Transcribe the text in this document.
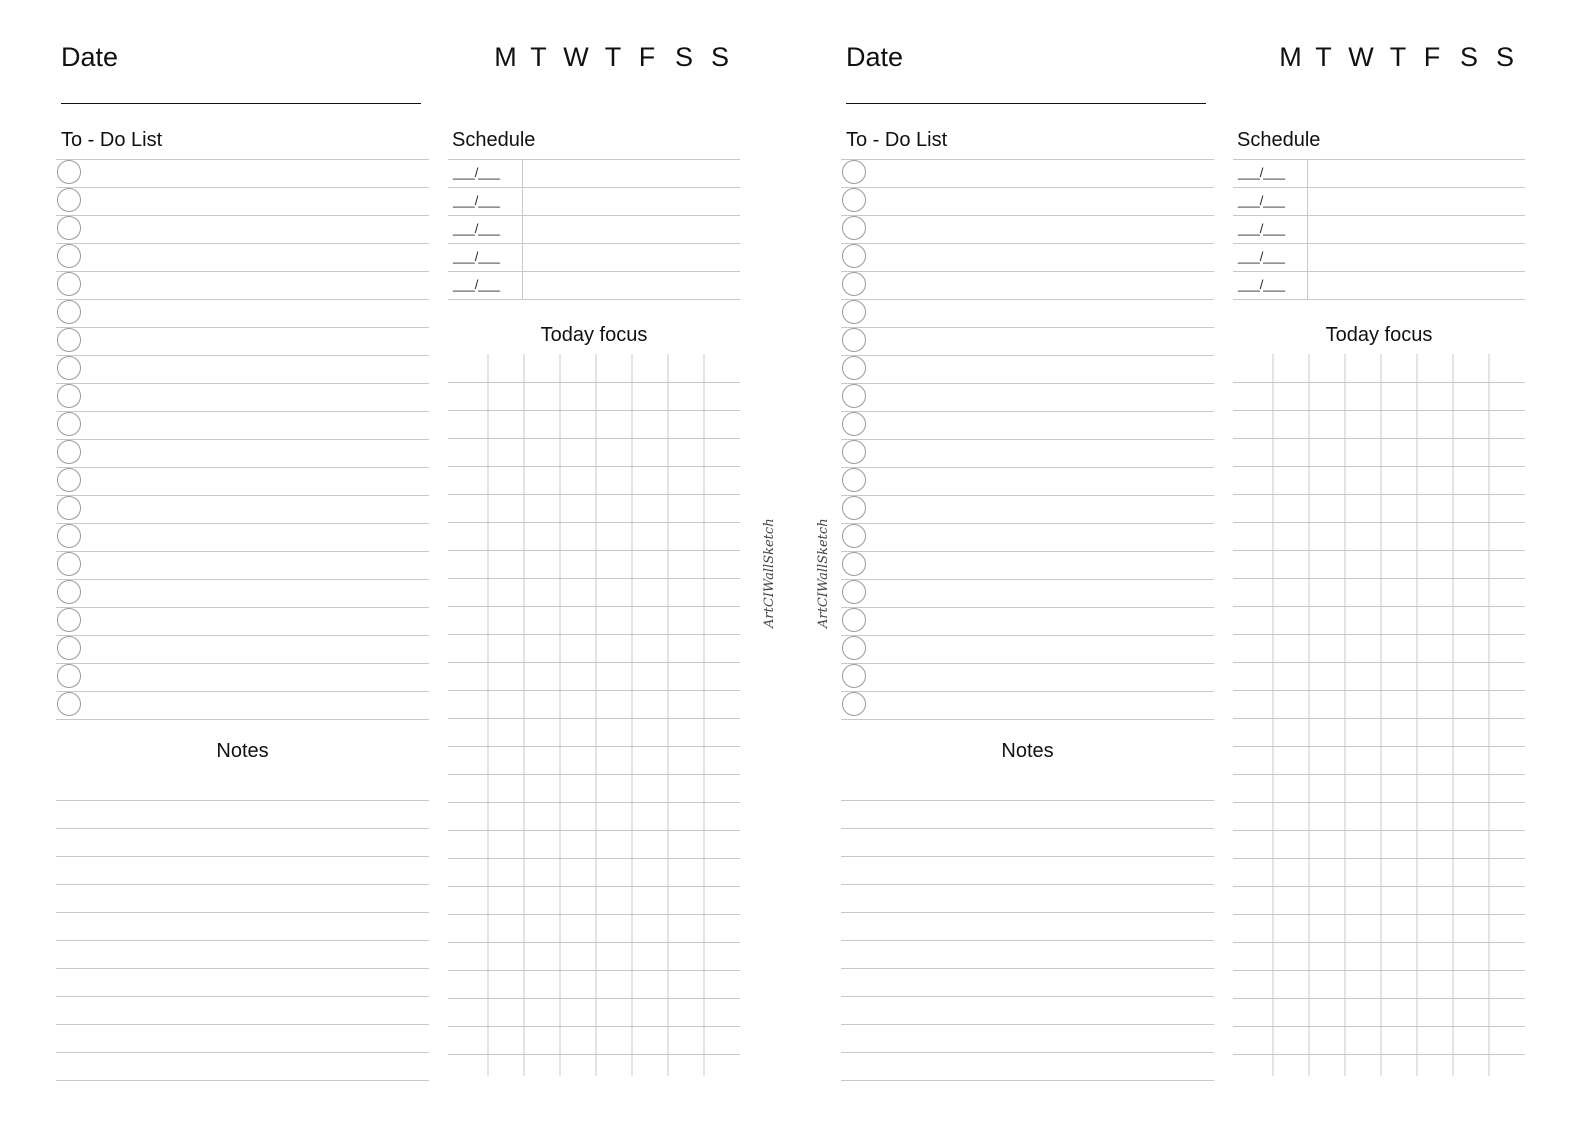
Date	M T W T F S S
To - Do List	Schedule
___/___
___/___
___/___
___/___
___/___
Today focus
Notes
Date	M T W T F S S
To - Do List	Schedule
___/___
___/___
___/___
___/___
___/___
Today focus
Notes
ArtCIWallSketch	ArtCIWallSketch
